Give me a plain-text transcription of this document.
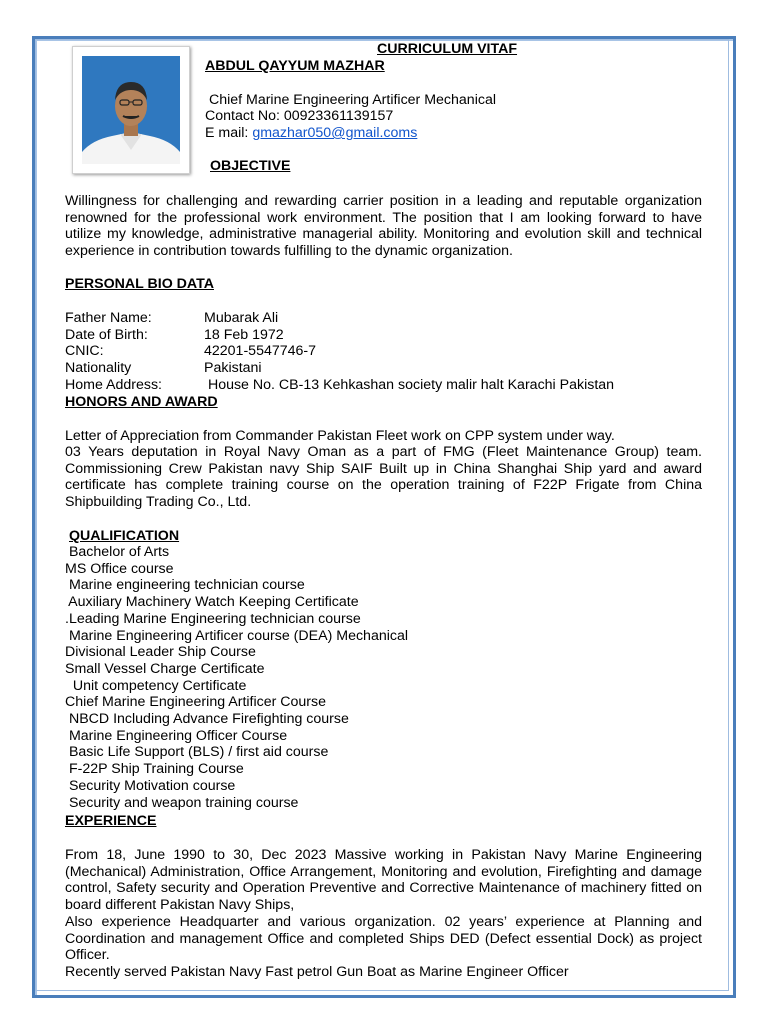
CURRICULUM VITAF
ABDUL QAYYUM MAZHAR
Chief Marine Engineering Artificer Mechanical
Contact No: 00923361139157
E mail: gmazhar050@gmail.coms
OBJECTIVE
Willingness for challenging and rewarding carrier position in a leading and reputable organization renowned for the professional work environment. The position that I am looking forward to have utilize my knowledge, administrative managerial ability. Monitoring and evolution skill and technical experience in contribution towards fulfilling to the dynamic organization.
PERSONAL BIO DATA
Father Name:	Mubarak Ali
Date of Birth:	18 Feb 1972
CNIC:	42201-5547746-7
Nationality	Pakistani
Home Address:	House No. CB-13 Kehkashan society malir halt Karachi Pakistan
HONORS AND AWARD
Letter of Appreciation from Commander Pakistan Fleet work on CPP system under way.
03 Years deputation in Royal Navy Oman as a part of FMG (Fleet Maintenance Group) team. Commissioning Crew Pakistan navy Ship SAIF Built up in China Shanghai Ship yard and award certificate has complete training course on the operation training of F22P Frigate from China Shipbuilding Trading Co., Ltd.
QUALIFICATION
Bachelor of Arts
MS Office course
Marine engineering technician course
Auxiliary Machinery Watch Keeping Certificate
.Leading Marine Engineering technician course
Marine Engineering Artificer course (DEA) Mechanical
Divisional Leader Ship Course
Small Vessel Charge Certificate
Unit competency Certificate
Chief Marine Engineering Artificer Course
NBCD Including Advance Firefighting course
Marine Engineering Officer Course
Basic Life Support (BLS) / first aid course
F-22P Ship Training Course
Security Motivation course
Security and weapon training course
EXPERIENCE
From 18, June 1990 to 30, Dec 2023 Massive working in Pakistan Navy Marine Engineering (Mechanical) Administration, Office Arrangement, Monitoring and evolution, Firefighting and damage control, Safety security and Operation Preventive and Corrective Maintenance of machinery fitted on board different Pakistan Navy Ships,
Also experience Headquarter and various organization. 02 years’ experience at Planning and Coordination and management Office and completed Ships DED (Defect essential Dock) as project Officer.
Recently served Pakistan Navy Fast petrol Gun Boat as Marine Engineer Officer
